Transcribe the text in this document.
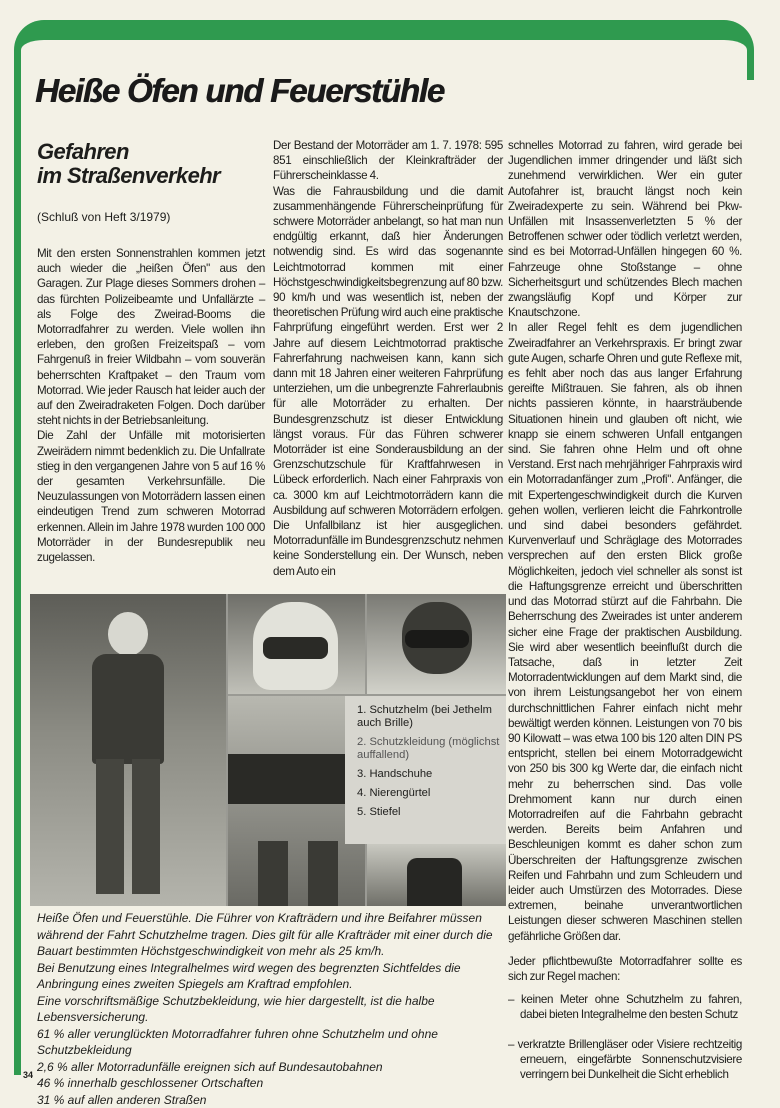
Heiße Öfen und Feuerstühle
Gefahren
im Straßenverkehr
(Schluß von Heft 3/1979)

Mit den ersten Sonnenstrahlen kommen jetzt auch wieder die „heißen Öfen" aus den Garagen. Zur Plage dieses Sommers drohen – das fürchten Polizeibeamte und Unfallärzte – als Folge des Zweirad-Booms die Motorradfahrer zu werden. Viele wollen ihn erleben, den großen Freizeitspaß – vom Fahrgenuß in freier Wildbahn – vom souverän beherrschten Kraftpaket – den Traum vom Motorrad. Wie jeder Rausch hat leider auch der auf den Zweiradraketen Folgen. Doch darüber steht nichts in der Betriebsanleitung.

Die Zahl der Unfälle mit motorisierten Zweirädern nimmt bedenklich zu. Die Unfallrate stieg in den vergangenen Jahre von 5 auf 16 % der gesamten Verkehrsunfälle. Die Neuzulassungen von Motorrädern lassen einen eindeutigen Trend zum schweren Motorrad erkennen. Allein im Jahre 1978 wurden 100 000 Motorräder in der Bundesrepublik neu zugelassen.

Der Bestand der Motorräder am 1. 7. 1978: 595 851 einschließlich der Kleinkrafträder der Führerscheinklasse 4.

Was die Fahrausbildung und die damit zusammenhängende Führerscheinprüfung für schwere Motorräder anbelangt, so hat man nun endgültig erkannt, daß hier Änderungen notwendig sind. Es wird das sogenannte Leichtmotorrad kommen mit einer Höchstgeschwindigkeitsbegrenzung auf 80 bzw. 90 km/h und was wesentlich ist, neben der theoretischen Prüfung wird auch eine praktische Fahrprüfung eingeführt werden. Erst wer 2 Jahre auf diesem Leichtmotorrad praktische Fahrerfahrung nachweisen kann, kann sich dann mit 18 Jahren einer weiteren Fahrprüfung unterziehen, um die unbegrenzte Fahrerlaubnis für alle Motorräder zu erhalten. Der Bundesgrenzschutz ist dieser Entwicklung längst voraus. Für das Führen schwerer Motorräder ist eine Sonderausbildung an der Grenzschutzschule für Kraftfahrwesen in Lübeck erforderlich. Nach einer Fahrpraxis von ca. 3000 km auf Leichtmotorrädern kann die Ausbildung auf schweren Motorrädern erfolgen. Die Unfallbilanz ist hier ausgeglichen. Motorradunfälle im Bundesgrenzschutz nehmen keine Sonderstellung ein. Der Wunsch, neben dem Auto ein

schnelles Motorrad zu fahren, wird gerade bei Jugendlichen immer dringender und läßt sich zunehmend verwirklichen. Wer ein guter Autofahrer ist, braucht längst noch kein Zweiradexperte zu sein. Während bei Pkw-Unfällen mit Insassenverletzten 5 % der Betroffenen schwer oder tödlich verletzt werden, sind es bei Motorrad-Unfällen hingegen 60 %. Fahrzeuge ohne Stoßstange – ohne Sicherheitsgurt und schützendes Blech machen zwangsläufig Kopf und Körper zur Knautschzone.

In aller Regel fehlt es dem jugendlichen Zweiradfahrer an Verkehrspraxis. Er bringt zwar gute Augen, scharfe Ohren und gute Reflexe mit, es fehlt aber noch das aus langer Erfahrung gereifte Mißtrauen. Sie fahren, als ob ihnen nichts passieren könnte, in haarsträubende Situationen hinein und glauben oft nicht, wie knapp sie einem schweren Unfall entgangen sind. Sie fahren ohne Helm und oft ohne Verstand. Erst nach mehrjähriger Fahrpraxis wird ein Motorradanfänger zum „Profi". Anfänger, die mit Expertengeschwindigkeit durch die Kurven gehen wollen, verlieren leicht die Fahrkontrolle und sind dabei besonders gefährdet. Kurvenverlauf und Schräglage des Motorrades versprechen auf den ersten Blick große Möglichkeiten, jedoch viel schneller als sonst ist die Haftungsgrenze erreicht und überschritten und das Motorrad stürzt auf die Fahrbahn. Die Beherrschung des Zweirades ist unter anderem sicher eine Frage der praktischen Ausbildung. Sie wird aber wesentlich beeinflußt durch die Tatsache, daß in letzter Zeit Motorradentwicklungen auf dem Markt sind, die von ihrem Leistungsangebot her von einem durchschnittlichen Fahrer einfach nicht mehr bewältigt werden können. Leistungen von 70 bis 90 Kilowatt – was etwa 100 bis 120 alten DIN PS entspricht, stellen bei einem Motorradgewicht von 250 bis 300 kg Werte dar, die einfach nicht mehr zu beherrschen sind. Das volle Drehmoment kann nur durch einen Motorradreifen auf die Fahrbahn gebracht werden. Bereits beim Anfahren und Beschleunigen kommt es daher schon zum Überschreiten der Haftungsgrenze zwischen Reifen und Fahrbahn und zum Schleudern und leider auch Umstürzen des Motorrades. Diese extremen, beinahe unverantwortlichen Leistungen dieser schweren Maschinen stellen gefährliche Größen dar.

Jeder pflichtbewußte Motorradfahrer sollte es sich zur Regel machen:

– keinen Meter ohne Schutzhelm zu fahren, dabei bieten Integralhelme den besten Schutz
– verkratzte Brillengläser oder Visiere rechtzeitig erneuern, eingefärbte Sonnenschutzvisiere verringern bei Dunkelheit die Sicht erheblich
1. Schutzhelm (bei Jethelm auch Brille)
2. Schutzkleidung (möglichst auffallend)
3. Handschuhe
4. Nierengürtel
5. Stiefel

Heiße Öfen und Feuerstühle. Die Führer von Krafträdern und ihre Beifahrer müssen während der Fahrt Schutzhelme tragen. Dies gilt für alle Krafträder mit einer durch die Bauart bestimmten Höchstgeschwindigkeit von mehr als 25 km/h.

Bei Benutzung eines Integralhelmes wird wegen des begrenzten Sichtfeldes die Anbringung eines zweiten Spiegels am Kraftrad empfohlen.

Eine vorschriftsmäßige Schutzbekleidung, wie hier dargestellt, ist die halbe Lebensversicherung.

61 % aller verunglückten Motorradfahrer fuhren ohne Schutzhelm und ohne Schutzbekleidung

2,6 % aller Motorradunfälle ereignen sich auf Bundesautobahnen

46 % innerhalb geschlossener Ortschaften

31 % auf allen anderen Straßen

34
